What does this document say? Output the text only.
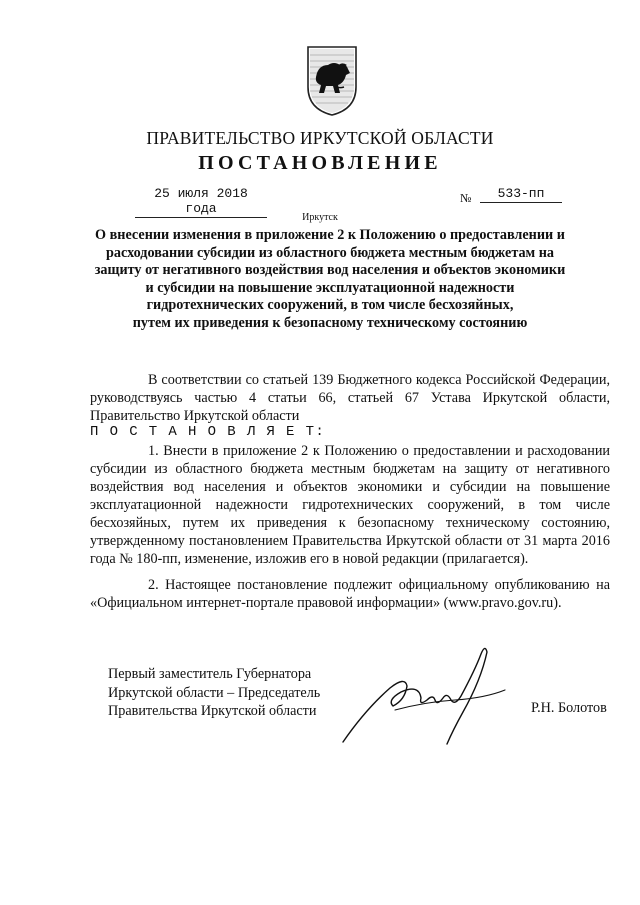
ПРАВИТЕЛЬСТВО ИРКУТСКОЙ ОБЛАСТИ
ПОСТАНОВЛЕНИЕ
25 июля 2018 года
№	533-пп
Иркутск
О внесении изменения в приложение 2 к Положению о предоставлении и
расходовании субсидии из областного бюджета местным бюджетам на
защиту от негативного воздействия вод населения и объектов экономики
и субсидии на повышение эксплуатационной надежности
гидротехнических сооружений, в том числе бесхозяйных,
путем их приведения к безопасному техническому состоянию
В соответствии со статьей 139 Бюджетного кодекса Российской Федерации, руководствуясь частью 4 статьи 66, статьей 67 Устава Иркутской области, Правительство Иркутской области
П О С Т А Н О В Л Я Е Т:
1. Внести в приложение 2 к Положению о предоставлении и расходовании субсидии из областного бюджета местным бюджетам на защиту от негативного воздействия вод населения и объектов экономики и субсидии на повышение эксплуатационной надежности гидротехнических сооружений, в том числе бесхозяйных, путем их приведения к безопасному техническому состоянию, утвержденному постановлением Правительства Иркутской области от 31 марта 2016 года № 180-пп, изменение, изложив его в новой редакции (прилагается).
2. Настоящее постановление подлежит официальному опубликованию на «Официальном интернет-портале правовой информации» (www.pravo.gov.ru).
Первый заместитель Губернатора
Иркутской области – Председатель
Правительства Иркутской области	Р.Н. Болотов
